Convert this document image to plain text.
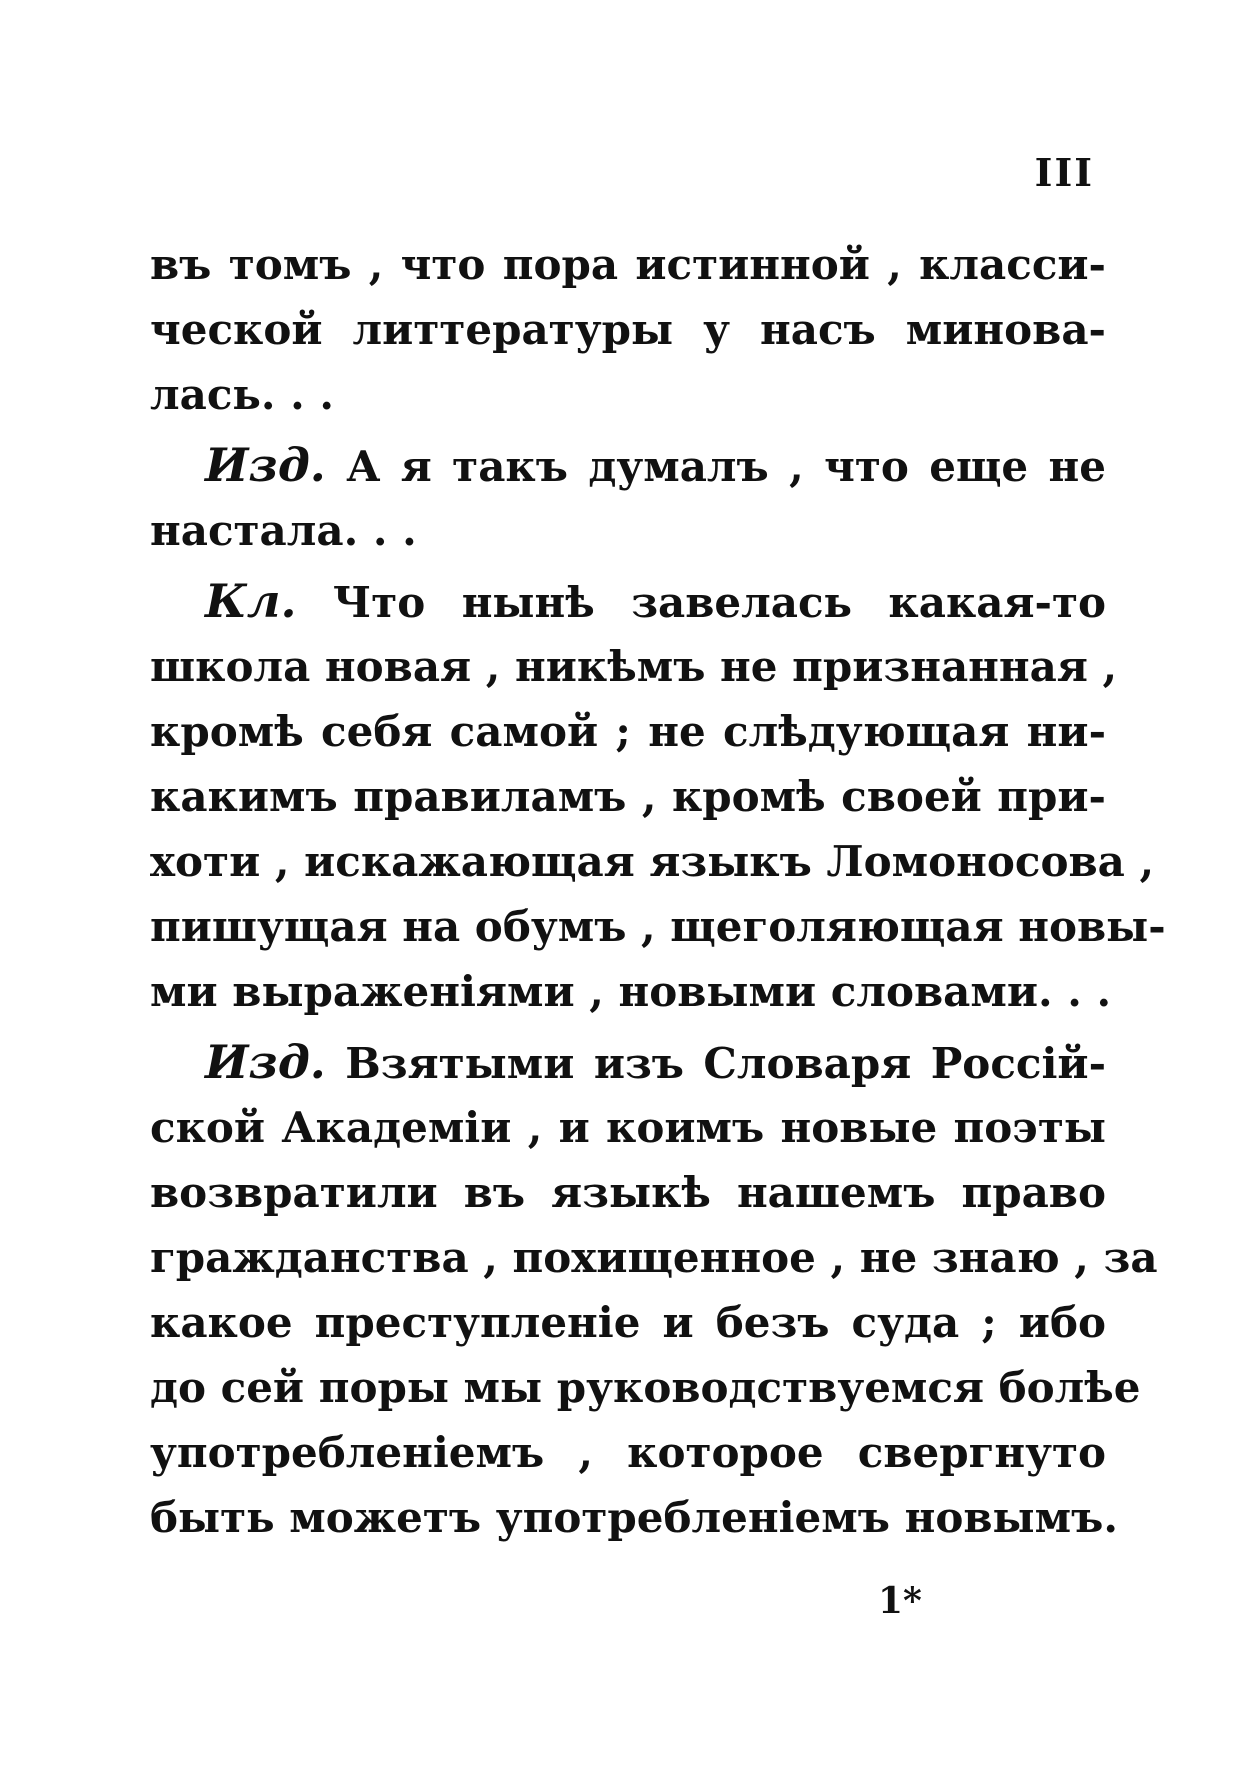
III
въ томъ , что пора истинной , класси-
ческой литтературы у насъ минова-
лась. . .
Изд. А я такъ думалъ , что еще не
настала. . .
Кл. Что нынѣ завелась какая-то
школа новая , никѣмъ не признанная ,
кромѣ себя самой ; не слѣдующая ни-
какимъ правиламъ , кромѣ своей при-
хоти , искажающая языкъ Ломоносова ,
пишущая на обумъ , щеголяющая новы-
ми выраженіями , новыми словами. . .
Изд. Взятыми изъ Словаря Россій-
ской Академіи , и коимъ новые поэты
возвратили въ языкѣ нашемъ право
гражданства , похищенное , не знаю , за
какое преступленіе и безъ суда ; ибо
до сей поры мы руководствуемся болѣе
употребленіемъ , которое свергнуто
быть можетъ употребленіемъ новымъ.
1*
